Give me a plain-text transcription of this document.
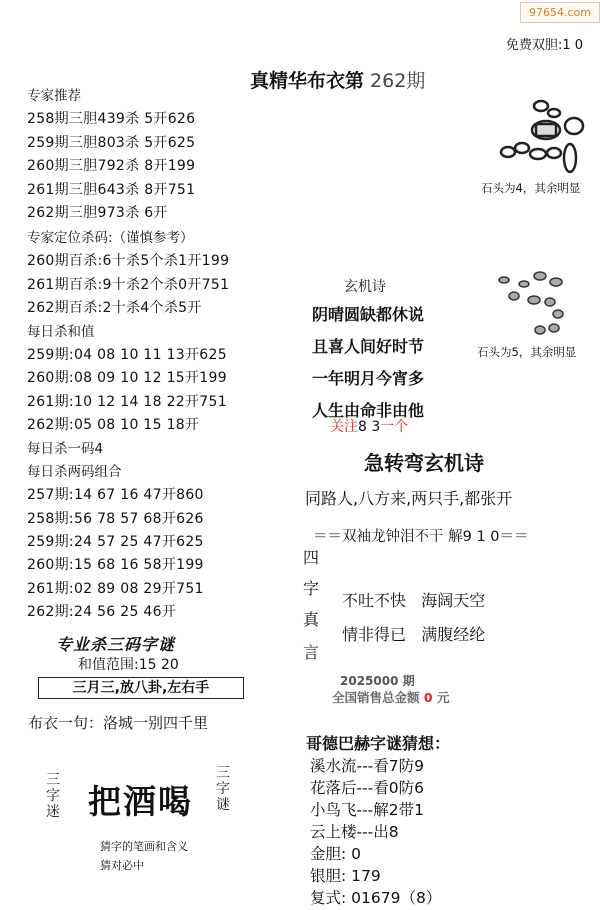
97654.com
免费双胆:1 0
真精华布衣第 262期
专家推荐
258期三胆439杀 5开626
259期三胆803杀 5开625
260期三胆792杀 8开199
261期三胆643杀 8开751
262期三胆973杀 6开
专家定位杀码:（谨慎参考）
260期百杀:6十杀5个杀1开199
261期百杀:9十杀2个杀0开751
262期百杀:2十杀4个杀5开
每日杀和值
259期:04 08 10 11 13开625
260期:08 09 10 12 15开199
261期:10 12 14 18 22开751
262期:05 08 10 15 18开
每日杀一码4
每日杀两码组合
257期:14 67 16 47开860
258期:56 78 57 68开626
259期:24 57 25 47开625
260期:15 68 16 58开199
261期:02 89 08 29开751
262期:24 56 25 46开
专业杀三码字谜
和值范围:15 20
三月三,放八卦,左右手
布衣一句：洛城一别四千里
三字迷
三字谜
把酒喝
猜字的笔画和含义
猜对必中
石头为4，其余明显
石头为5，其余明显
玄机诗
阴晴圆缺都休说
且喜人间好时节
一年明月今宵多
人生由命非由他
关注8 3一个
急转弯玄机诗
同路人,八方来,两只手,都张开
＝＝双袖龙钟泪不干 解9 1 0＝＝
四
字
真
言
不吐不快   海阔天空
情非得已   满腹经纶
2025000 期
全国销售总金额 0 元
哥德巴赫字谜猜想：
溪水流---看7防9
花落后---看0防6
小鸟飞---解2带1
云上楼---出8
金胆: 0
银胆: 179
复式: 01679（8）
